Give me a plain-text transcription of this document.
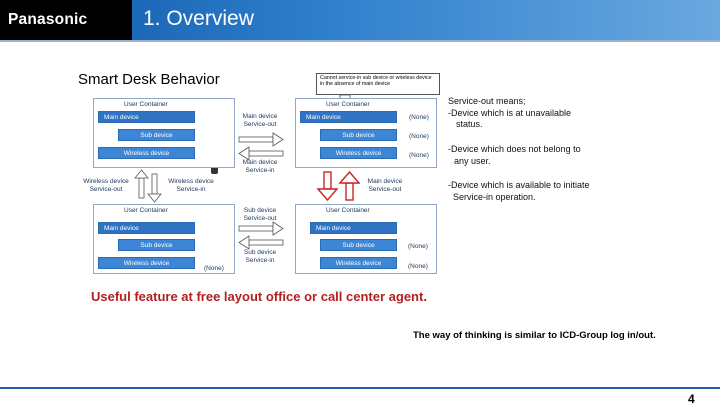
Panasonic	1. Overview
Smart Desk Behavior	Cannot service-in sub device or wireless device in the absence of main device
User Container
Main device
Sub device
Wireless device
User Container
Main device
Sub device
Wireless device
(None)
(None)
(None)
User Container
Main device
Sub device
Wireless device
(None)
User Container
Main device
Sub device
Wireless device
(None)
(None)
Main device
Service-out
Main device
Service-in
Wireless device
Service-out
Wireless device
Service-in
Sub device
Service-out
Sub device
Service-in
Main device
Service-out
Service-out means;
-Device which is at unavailable
status.
-Device which does not belong to
any user.
-Device which is available to initiate
Service-in operation.
Useful feature at free layout office or call center agent.
The way of thinking is similar to ICD-Group log in/out.
4
